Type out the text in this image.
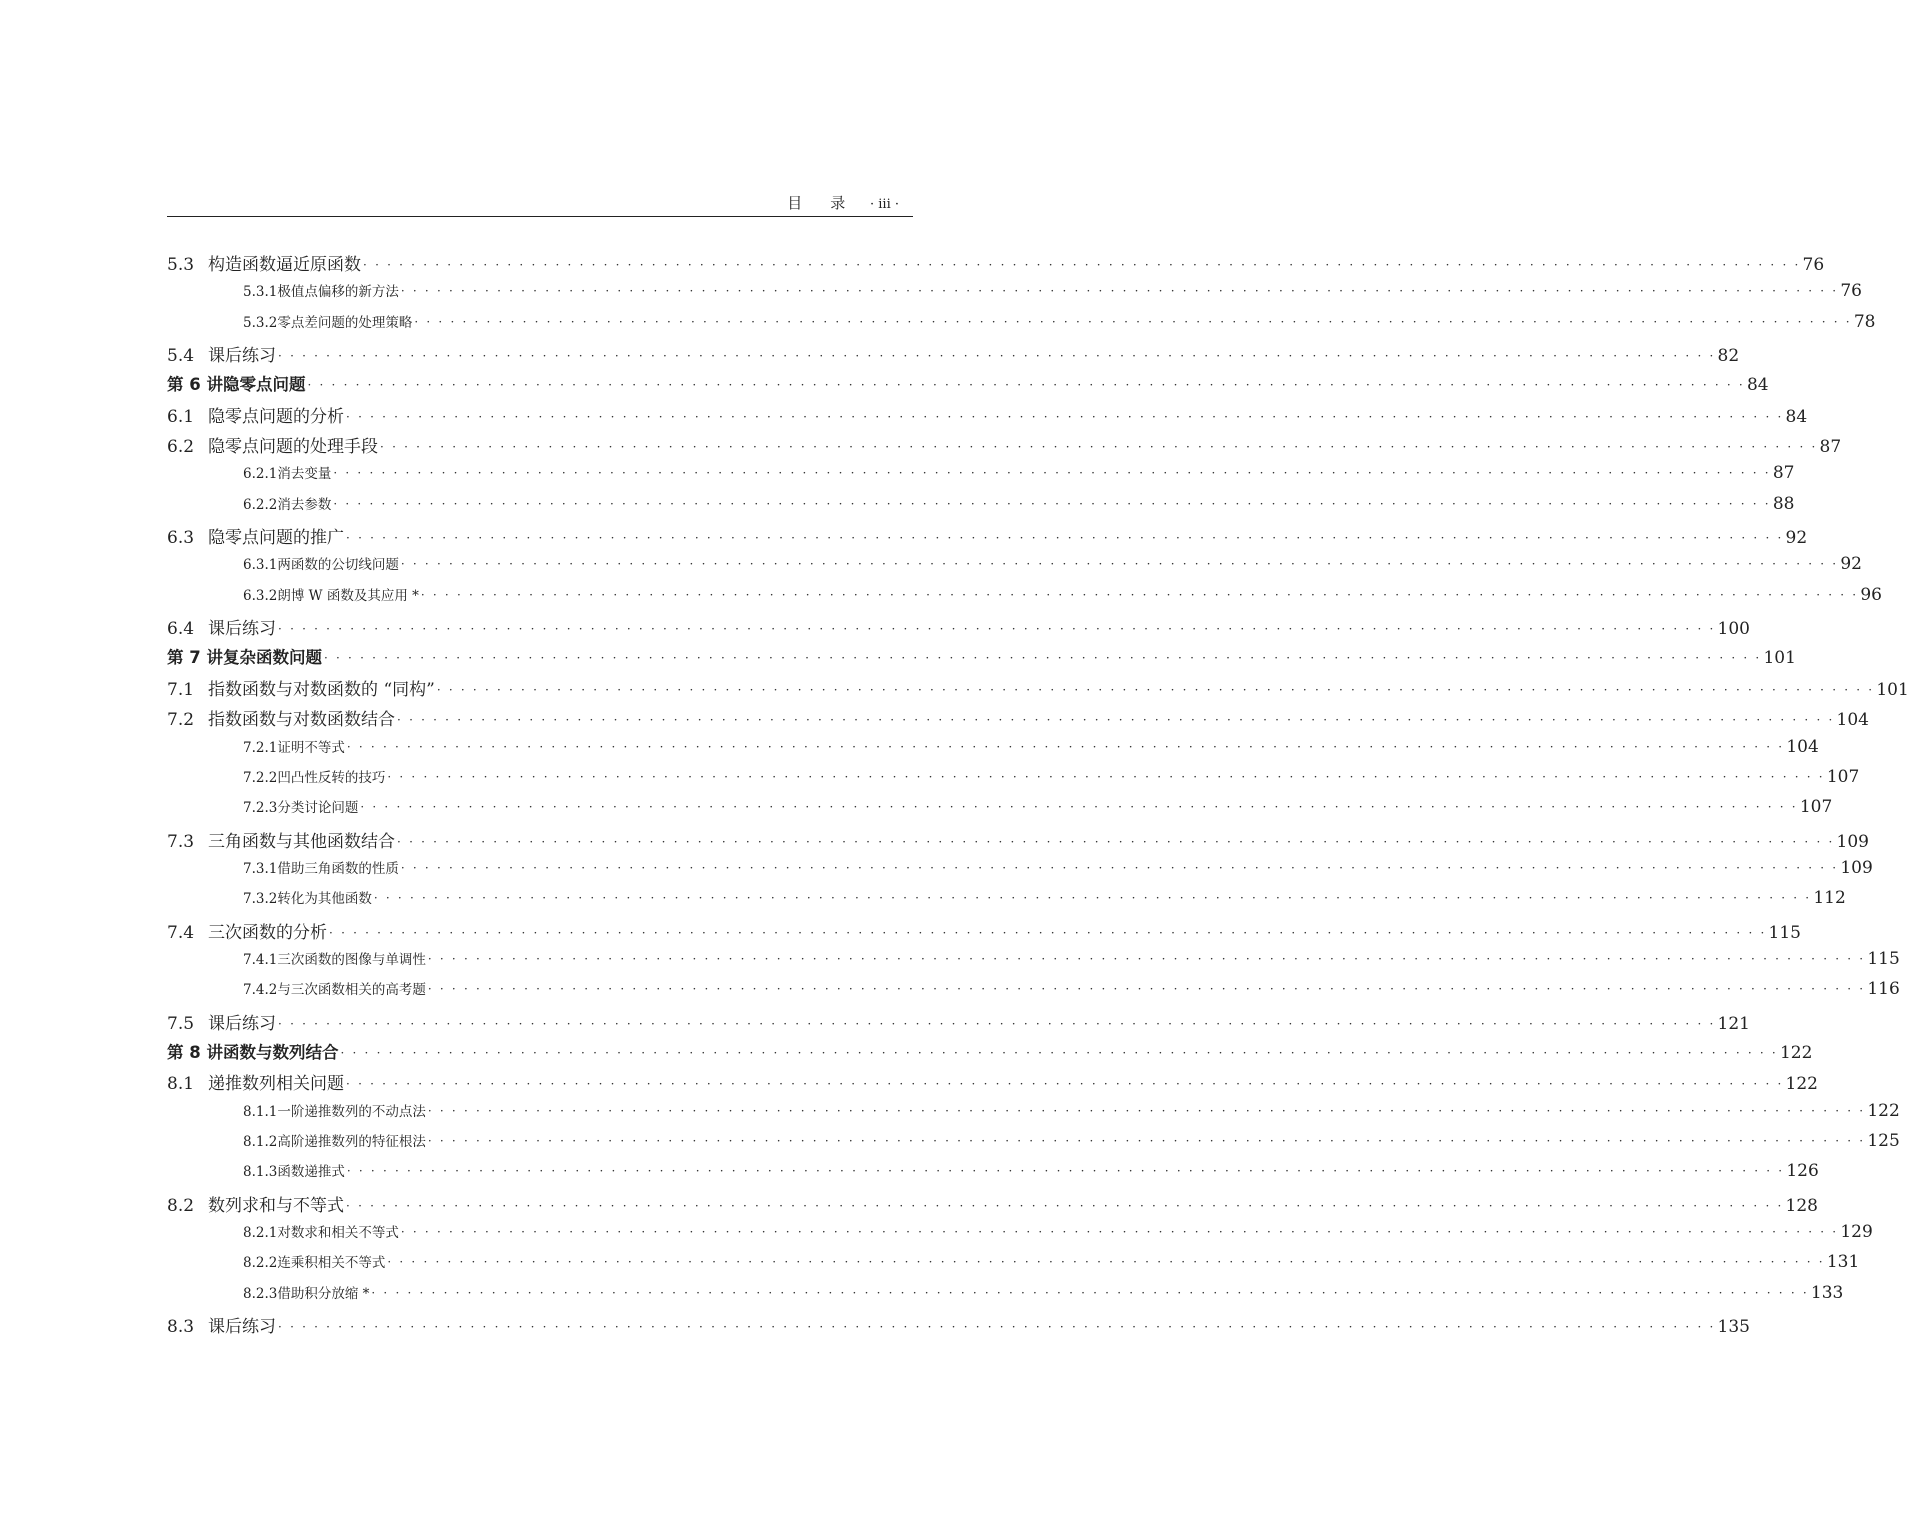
目录 · iii ·
5.3 构造函数逼近原函数 · · · · · · · · · · · · · · · · · · · · · · · · · · · · · · · · · · · · · · · · · · · · · · · · · · · · · · · · · · · · · · · · · · · · · · · · · · · · · · · · · · · · · · · · · · · · · · · · · · · · · · · · · · · · · · · · · · · · · · · · 76
5.3.1 极值点偏移的新方法 · · · · · · · · · · · · · · · · · · · · · · · · · · · · · · · · · · · · · · · · · · · · · · · · · · · · · · · · · · · · · · · · · · · · · · · · · · · · · · · · · · · · · · · · · · · · · · · · · · · · · · · · · · · · · · · · · · · · · · · · 76
5.3.2 零点差问题的处理策略 · · · · · · · · · · · · · · · · · · · · · · · · · · · · · · · · · · · · · · · · · · · · · · · · · · · · · · · · · · · · · · · · · · · · · · · · · · · · · · · · · · · · · · · · · · · · · · · · · · · · · · · · · · · · · · · · · · · · · · · · 78
5.4 课后练习 · · · · · · · · · · · · · · · · · · · · · · · · · · · · · · · · · · · · · · · · · · · · · · · · · · · · · · · · · · · · · · · · · · · · · · · · · · · · · · · · · · · · · · · · · · · · · · · · · · · · · · · · · · · · · · · · · · · · · · · · 82
第 6 讲 隐零点问题 · · · · · · · · · · · · · · · · · · · · · · · · · · · · · · · · · · · · · · · · · · · · · · · · · · · · · · · · · · · · · · · · · · · · · · · · · · · · · · · · · · · · · · · · · · · · · · · · · · · · · · · · · · · · · · · · · · · · · · · · 84
6.1 隐零点问题的分析 · · · · · · · · · · · · · · · · · · · · · · · · · · · · · · · · · · · · · · · · · · · · · · · · · · · · · · · · · · · · · · · · · · · · · · · · · · · · · · · · · · · · · · · · · · · · · · · · · · · · · · · · · · · · · · · · · · · · · · · · 84
6.2 隐零点问题的处理手段 · · · · · · · · · · · · · · · · · · · · · · · · · · · · · · · · · · · · · · · · · · · · · · · · · · · · · · · · · · · · · · · · · · · · · · · · · · · · · · · · · · · · · · · · · · · · · · · · · · · · · · · · · · · · · · · · · · · · · · · · 87
6.2.1 消去变量 · · · · · · · · · · · · · · · · · · · · · · · · · · · · · · · · · · · · · · · · · · · · · · · · · · · · · · · · · · · · · · · · · · · · · · · · · · · · · · · · · · · · · · · · · · · · · · · · · · · · · · · · · · · · · · · · · · · · · · · · 87
6.2.2 消去参数 · · · · · · · · · · · · · · · · · · · · · · · · · · · · · · · · · · · · · · · · · · · · · · · · · · · · · · · · · · · · · · · · · · · · · · · · · · · · · · · · · · · · · · · · · · · · · · · · · · · · · · · · · · · · · · · · · · · · · · · · 88
6.3 隐零点问题的推广 · · · · · · · · · · · · · · · · · · · · · · · · · · · · · · · · · · · · · · · · · · · · · · · · · · · · · · · · · · · · · · · · · · · · · · · · · · · · · · · · · · · · · · · · · · · · · · · · · · · · · · · · · · · · · · · · · · · · · · · · 92
6.3.1 两函数的公切线问题 · · · · · · · · · · · · · · · · · · · · · · · · · · · · · · · · · · · · · · · · · · · · · · · · · · · · · · · · · · · · · · · · · · · · · · · · · · · · · · · · · · · · · · · · · · · · · · · · · · · · · · · · · · · · · · · · · · · · · · · · 92
6.3.2 朗博 W 函数及其应用 * · · · · · · · · · · · · · · · · · · · · · · · · · · · · · · · · · · · · · · · · · · · · · · · · · · · · · · · · · · · · · · · · · · · · · · · · · · · · · · · · · · · · · · · · · · · · · · · · · · · · · · · · · · · · · · · · · · · · · · · · 96
6.4 课后练习 · · · · · · · · · · · · · · · · · · · · · · · · · · · · · · · · · · · · · · · · · · · · · · · · · · · · · · · · · · · · · · · · · · · · · · · · · · · · · · · · · · · · · · · · · · · · · · · · · · · · · · · · · · · · · · · · · · · · · · · · 100
第 7 讲 复杂函数问题 · · · · · · · · · · · · · · · · · · · · · · · · · · · · · · · · · · · · · · · · · · · · · · · · · · · · · · · · · · · · · · · · · · · · · · · · · · · · · · · · · · · · · · · · · · · · · · · · · · · · · · · · · · · · · · · · · · · · · · · · 101
7.1 指数函数与对数函数的 “同构” · · · · · · · · · · · · · · · · · · · · · · · · · · · · · · · · · · · · · · · · · · · · · · · · · · · · · · · · · · · · · · · · · · · · · · · · · · · · · · · · · · · · · · · · · · · · · · · · · · · · · · · · · · · · · · · · · · · · · · · · 101
7.2 指数函数与对数函数结合 · · · · · · · · · · · · · · · · · · · · · · · · · · · · · · · · · · · · · · · · · · · · · · · · · · · · · · · · · · · · · · · · · · · · · · · · · · · · · · · · · · · · · · · · · · · · · · · · · · · · · · · · · · · · · · · · · · · · · · · · 104
7.2.1 证明不等式 · · · · · · · · · · · · · · · · · · · · · · · · · · · · · · · · · · · · · · · · · · · · · · · · · · · · · · · · · · · · · · · · · · · · · · · · · · · · · · · · · · · · · · · · · · · · · · · · · · · · · · · · · · · · · · · · · · · · · · · · 104
7.2.2 凹凸性反转的技巧 · · · · · · · · · · · · · · · · · · · · · · · · · · · · · · · · · · · · · · · · · · · · · · · · · · · · · · · · · · · · · · · · · · · · · · · · · · · · · · · · · · · · · · · · · · · · · · · · · · · · · · · · · · · · · · · · · · · · · · · · 107
7.2.3 分类讨论问题 · · · · · · · · · · · · · · · · · · · · · · · · · · · · · · · · · · · · · · · · · · · · · · · · · · · · · · · · · · · · · · · · · · · · · · · · · · · · · · · · · · · · · · · · · · · · · · · · · · · · · · · · · · · · · · · · · · · · · · · · 107
7.3 三角函数与其他函数结合 · · · · · · · · · · · · · · · · · · · · · · · · · · · · · · · · · · · · · · · · · · · · · · · · · · · · · · · · · · · · · · · · · · · · · · · · · · · · · · · · · · · · · · · · · · · · · · · · · · · · · · · · · · · · · · · · · · · · · · · · 109
7.3.1 借助三角函数的性质 · · · · · · · · · · · · · · · · · · · · · · · · · · · · · · · · · · · · · · · · · · · · · · · · · · · · · · · · · · · · · · · · · · · · · · · · · · · · · · · · · · · · · · · · · · · · · · · · · · · · · · · · · · · · · · · · · · · · · · · · 109
7.3.2 转化为其他函数 · · · · · · · · · · · · · · · · · · · · · · · · · · · · · · · · · · · · · · · · · · · · · · · · · · · · · · · · · · · · · · · · · · · · · · · · · · · · · · · · · · · · · · · · · · · · · · · · · · · · · · · · · · · · · · · · · · · · · · · · 112
7.4 三次函数的分析 · · · · · · · · · · · · · · · · · · · · · · · · · · · · · · · · · · · · · · · · · · · · · · · · · · · · · · · · · · · · · · · · · · · · · · · · · · · · · · · · · · · · · · · · · · · · · · · · · · · · · · · · · · · · · · · · · · · · · · · · 115
7.4.1 三次函数的图像与单调性 · · · · · · · · · · · · · · · · · · · · · · · · · · · · · · · · · · · · · · · · · · · · · · · · · · · · · · · · · · · · · · · · · · · · · · · · · · · · · · · · · · · · · · · · · · · · · · · · · · · · · · · · · · · · · · · · · · · · · · · · 115
7.4.2 与三次函数相关的高考题 · · · · · · · · · · · · · · · · · · · · · · · · · · · · · · · · · · · · · · · · · · · · · · · · · · · · · · · · · · · · · · · · · · · · · · · · · · · · · · · · · · · · · · · · · · · · · · · · · · · · · · · · · · · · · · · · · · · · · · · · 116
7.5 课后练习 · · · · · · · · · · · · · · · · · · · · · · · · · · · · · · · · · · · · · · · · · · · · · · · · · · · · · · · · · · · · · · · · · · · · · · · · · · · · · · · · · · · · · · · · · · · · · · · · · · · · · · · · · · · · · · · · · · · · · · · · 121
第 8 讲 函数与数列结合 · · · · · · · · · · · · · · · · · · · · · · · · · · · · · · · · · · · · · · · · · · · · · · · · · · · · · · · · · · · · · · · · · · · · · · · · · · · · · · · · · · · · · · · · · · · · · · · · · · · · · · · · · · · · · · · · · · · · · · · · 122
8.1 递推数列相关问题 · · · · · · · · · · · · · · · · · · · · · · · · · · · · · · · · · · · · · · · · · · · · · · · · · · · · · · · · · · · · · · · · · · · · · · · · · · · · · · · · · · · · · · · · · · · · · · · · · · · · · · · · · · · · · · · · · · · · · · · · 122
8.1.1 一阶递推数列的不动点法 · · · · · · · · · · · · · · · · · · · · · · · · · · · · · · · · · · · · · · · · · · · · · · · · · · · · · · · · · · · · · · · · · · · · · · · · · · · · · · · · · · · · · · · · · · · · · · · · · · · · · · · · · · · · · · · · · · · · · · · · 122
8.1.2 高阶递推数列的特征根法 · · · · · · · · · · · · · · · · · · · · · · · · · · · · · · · · · · · · · · · · · · · · · · · · · · · · · · · · · · · · · · · · · · · · · · · · · · · · · · · · · · · · · · · · · · · · · · · · · · · · · · · · · · · · · · · · · · · · · · · · 125
8.1.3 函数递推式 · · · · · · · · · · · · · · · · · · · · · · · · · · · · · · · · · · · · · · · · · · · · · · · · · · · · · · · · · · · · · · · · · · · · · · · · · · · · · · · · · · · · · · · · · · · · · · · · · · · · · · · · · · · · · · · · · · · · · · · · 126
8.2 数列求和与不等式 · · · · · · · · · · · · · · · · · · · · · · · · · · · · · · · · · · · · · · · · · · · · · · · · · · · · · · · · · · · · · · · · · · · · · · · · · · · · · · · · · · · · · · · · · · · · · · · · · · · · · · · · · · · · · · · · · · · · · · · · 128
8.2.1 对数求和相关不等式 · · · · · · · · · · · · · · · · · · · · · · · · · · · · · · · · · · · · · · · · · · · · · · · · · · · · · · · · · · · · · · · · · · · · · · · · · · · · · · · · · · · · · · · · · · · · · · · · · · · · · · · · · · · · · · · · · · · · · · · · 129
8.2.2 连乘积相关不等式 · · · · · · · · · · · · · · · · · · · · · · · · · · · · · · · · · · · · · · · · · · · · · · · · · · · · · · · · · · · · · · · · · · · · · · · · · · · · · · · · · · · · · · · · · · · · · · · · · · · · · · · · · · · · · · · · · · · · · · · · 131
8.2.3 借助积分放缩 * · · · · · · · · · · · · · · · · · · · · · · · · · · · · · · · · · · · · · · · · · · · · · · · · · · · · · · · · · · · · · · · · · · · · · · · · · · · · · · · · · · · · · · · · · · · · · · · · · · · · · · · · · · · · · · · · · · · · · · · · 133
8.3 课后练习 · · · · · · · · · · · · · · · · · · · · · · · · · · · · · · · · · · · · · · · · · · · · · · · · · · · · · · · · · · · · · · · · · · · · · · · · · · · · · · · · · · · · · · · · · · · · · · · · · · · · · · · · · · · · · · · · · · · · · · · · 135
